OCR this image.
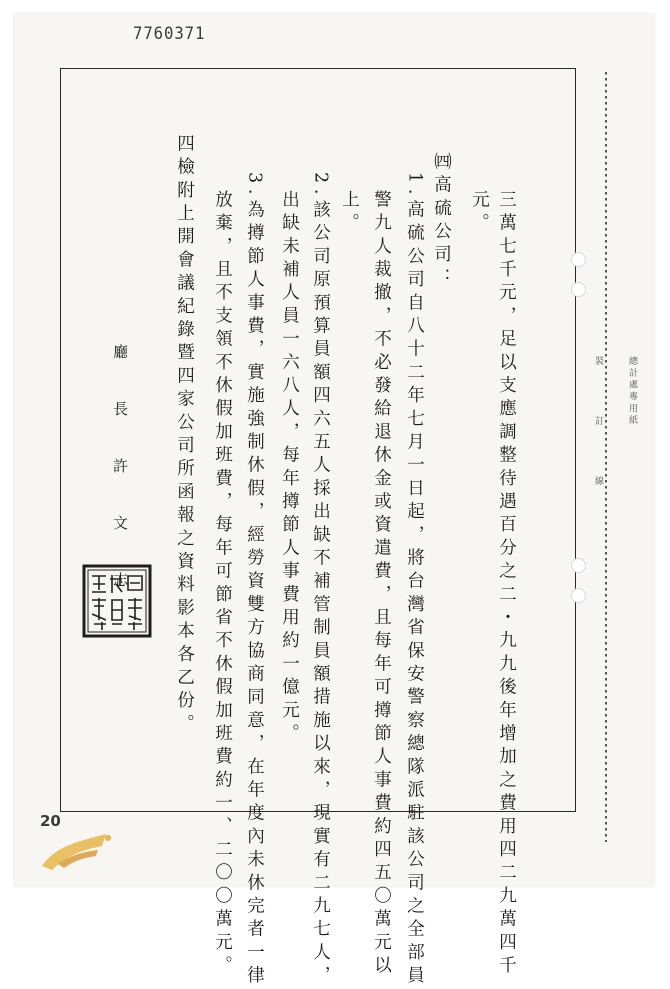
7760371
三萬七千元，足以支應調整待遇百分之二・九九後年增加之費用四二九萬四千
元。
㈣高硫公司：
1.高硫公司自八十二年七月一日起，將台灣省保安警察總隊派駐該公司之全部員
警九人裁撤，不必發給退休金或資遣費，且每年可撙節人事費約四五〇萬元以
上。
2.該公司原預算員額四六五人採出缺不補管制員額措施以來，現實有二九七人，
出缺未補人員一六八人，每年撙節人事費用約一億元。
3.為撙節人事費，實施強制休假，經勞資雙方協商同意，在年度內未休完者一律
放棄，且不支領不休假加班費，每年可節省不休假加班費約一、二〇〇萬元。
四檢附上開會議紀錄暨四家公司所函報之資料影本各乙份。
廳長許文志	總 計 處 專 用 紙
裝　　　訂　　　線
20
